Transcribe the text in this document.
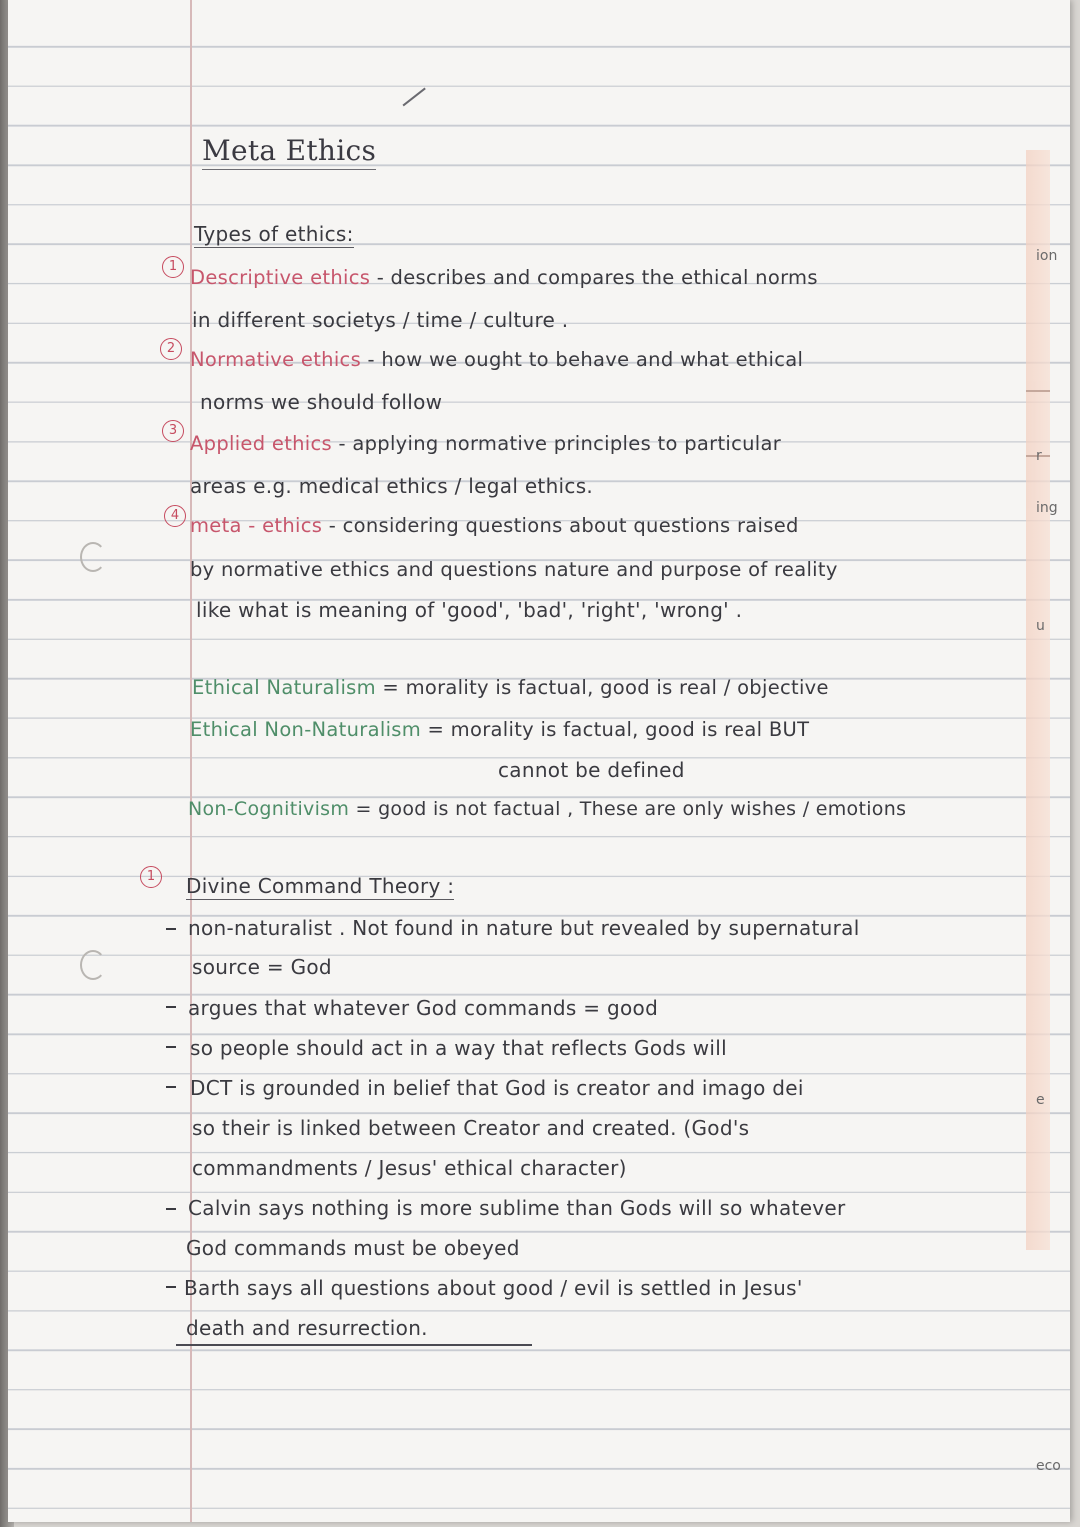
ion
r
ing
u
e
eco
Meta Ethics
Types of ethics:
1 Descriptive ethics - describes and compares the ethical norms
in different societys / time / culture .
2 Normative ethics - how we ought to behave and what ethical
norms we should follow
3
Applied ethics - applying normative principles to particular
areas e.g. medical ethics / legal ethics.
4 meta - ethics - considering questions about questions raised
by normative ethics and questions nature and purpose of reality
like what is meaning of 'good', 'bad', 'right', 'wrong' .
Ethical Naturalism = morality is factual, good is real / objective
Ethical Non-Naturalism = morality is factual, good is real BUT
cannot be defined
Non-Cognitivism = good is not factual , These are only wishes / emotions
1	Divine Command Theory :
non-naturalist . Not found in nature but revealed by supernatural
source = God
argues that whatever God commands = good
so people should act in a way that reflects Gods will
DCT is grounded in belief that God is creator and imago dei
so their is linked between Creator and created. (God's
commandments / Jesus' ethical character)
Calvin says nothing is more sublime than Gods will so whatever
God commands must be obeyed
Barth says all questions about good / evil is settled in Jesus'
death and resurrection.
